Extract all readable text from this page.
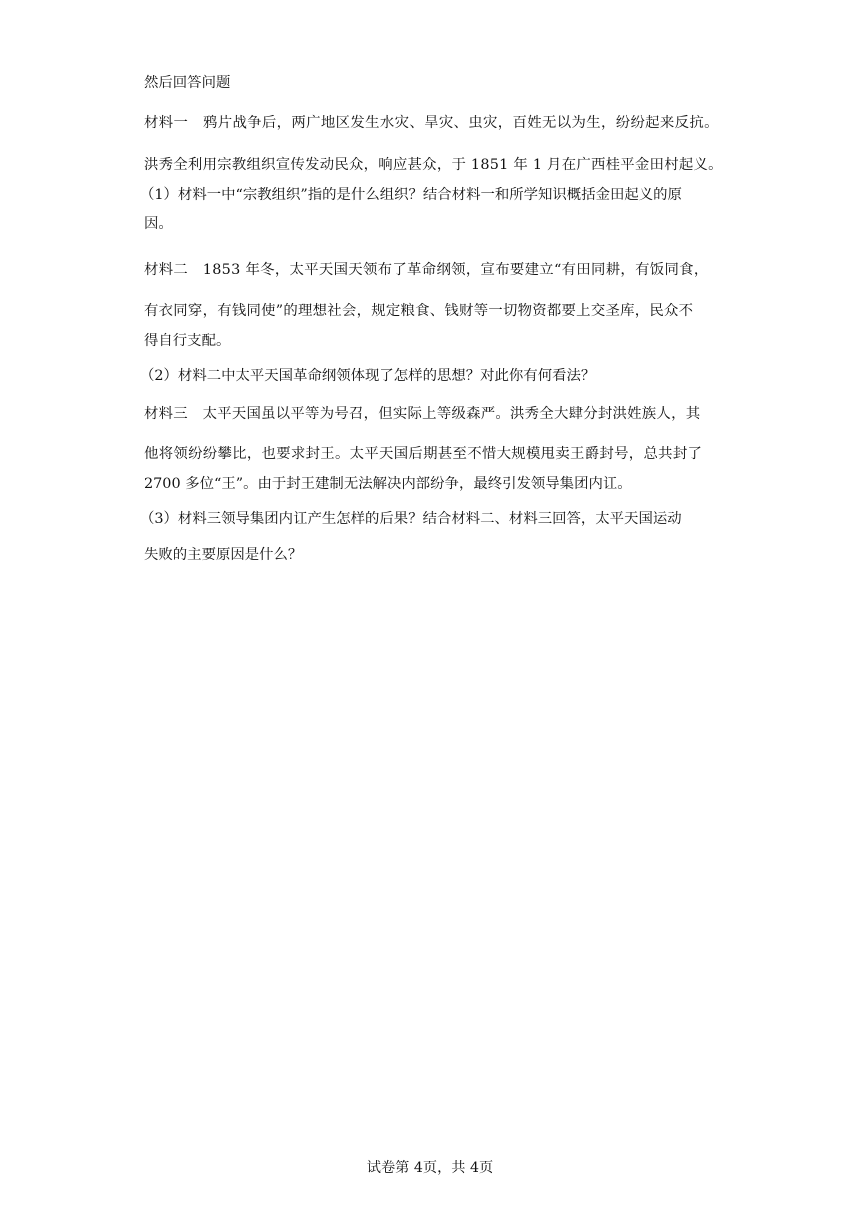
然后回答问题
材料一　鸦片战争后，两广地区发生水灾、旱灾、虫灾，百姓无以为生，纷纷起来反抗。
洪秀全利用宗教组织宣传发动民众，响应甚众，于 1851 年 1 月在广西桂平金田村起义。
（1）材料一中“宗教组织”指的是什么组织？结合材料一和所学知识概括金田起义的原
因。
材料二　1853 年冬，太平天国天领布了革命纲领，宣布要建立“有田同耕，有饭同食，
有衣同穿，有钱同使”的理想社会，规定粮食、钱财等一切物资都要上交圣库，民众不
得自行支配。
（2）材料二中太平天国革命纲领体现了怎样的思想？对此你有何看法？
材料三　太平天国虽以平等为号召，但实际上等级森严。洪秀全大肆分封洪姓族人，其
他将领纷纷攀比，也要求封王。太平天国后期甚至不惜大规模甩卖王爵封号，总共封了
2700 多位“王”。由于封王建制无法解决内部纷争，最终引发领导集团内讧。
（3）材料三领导集团内讧产生怎样的后果？结合材料二、材料三回答，太平天国运动
失败的主要原因是什么？
试卷第 4页，共 4页
